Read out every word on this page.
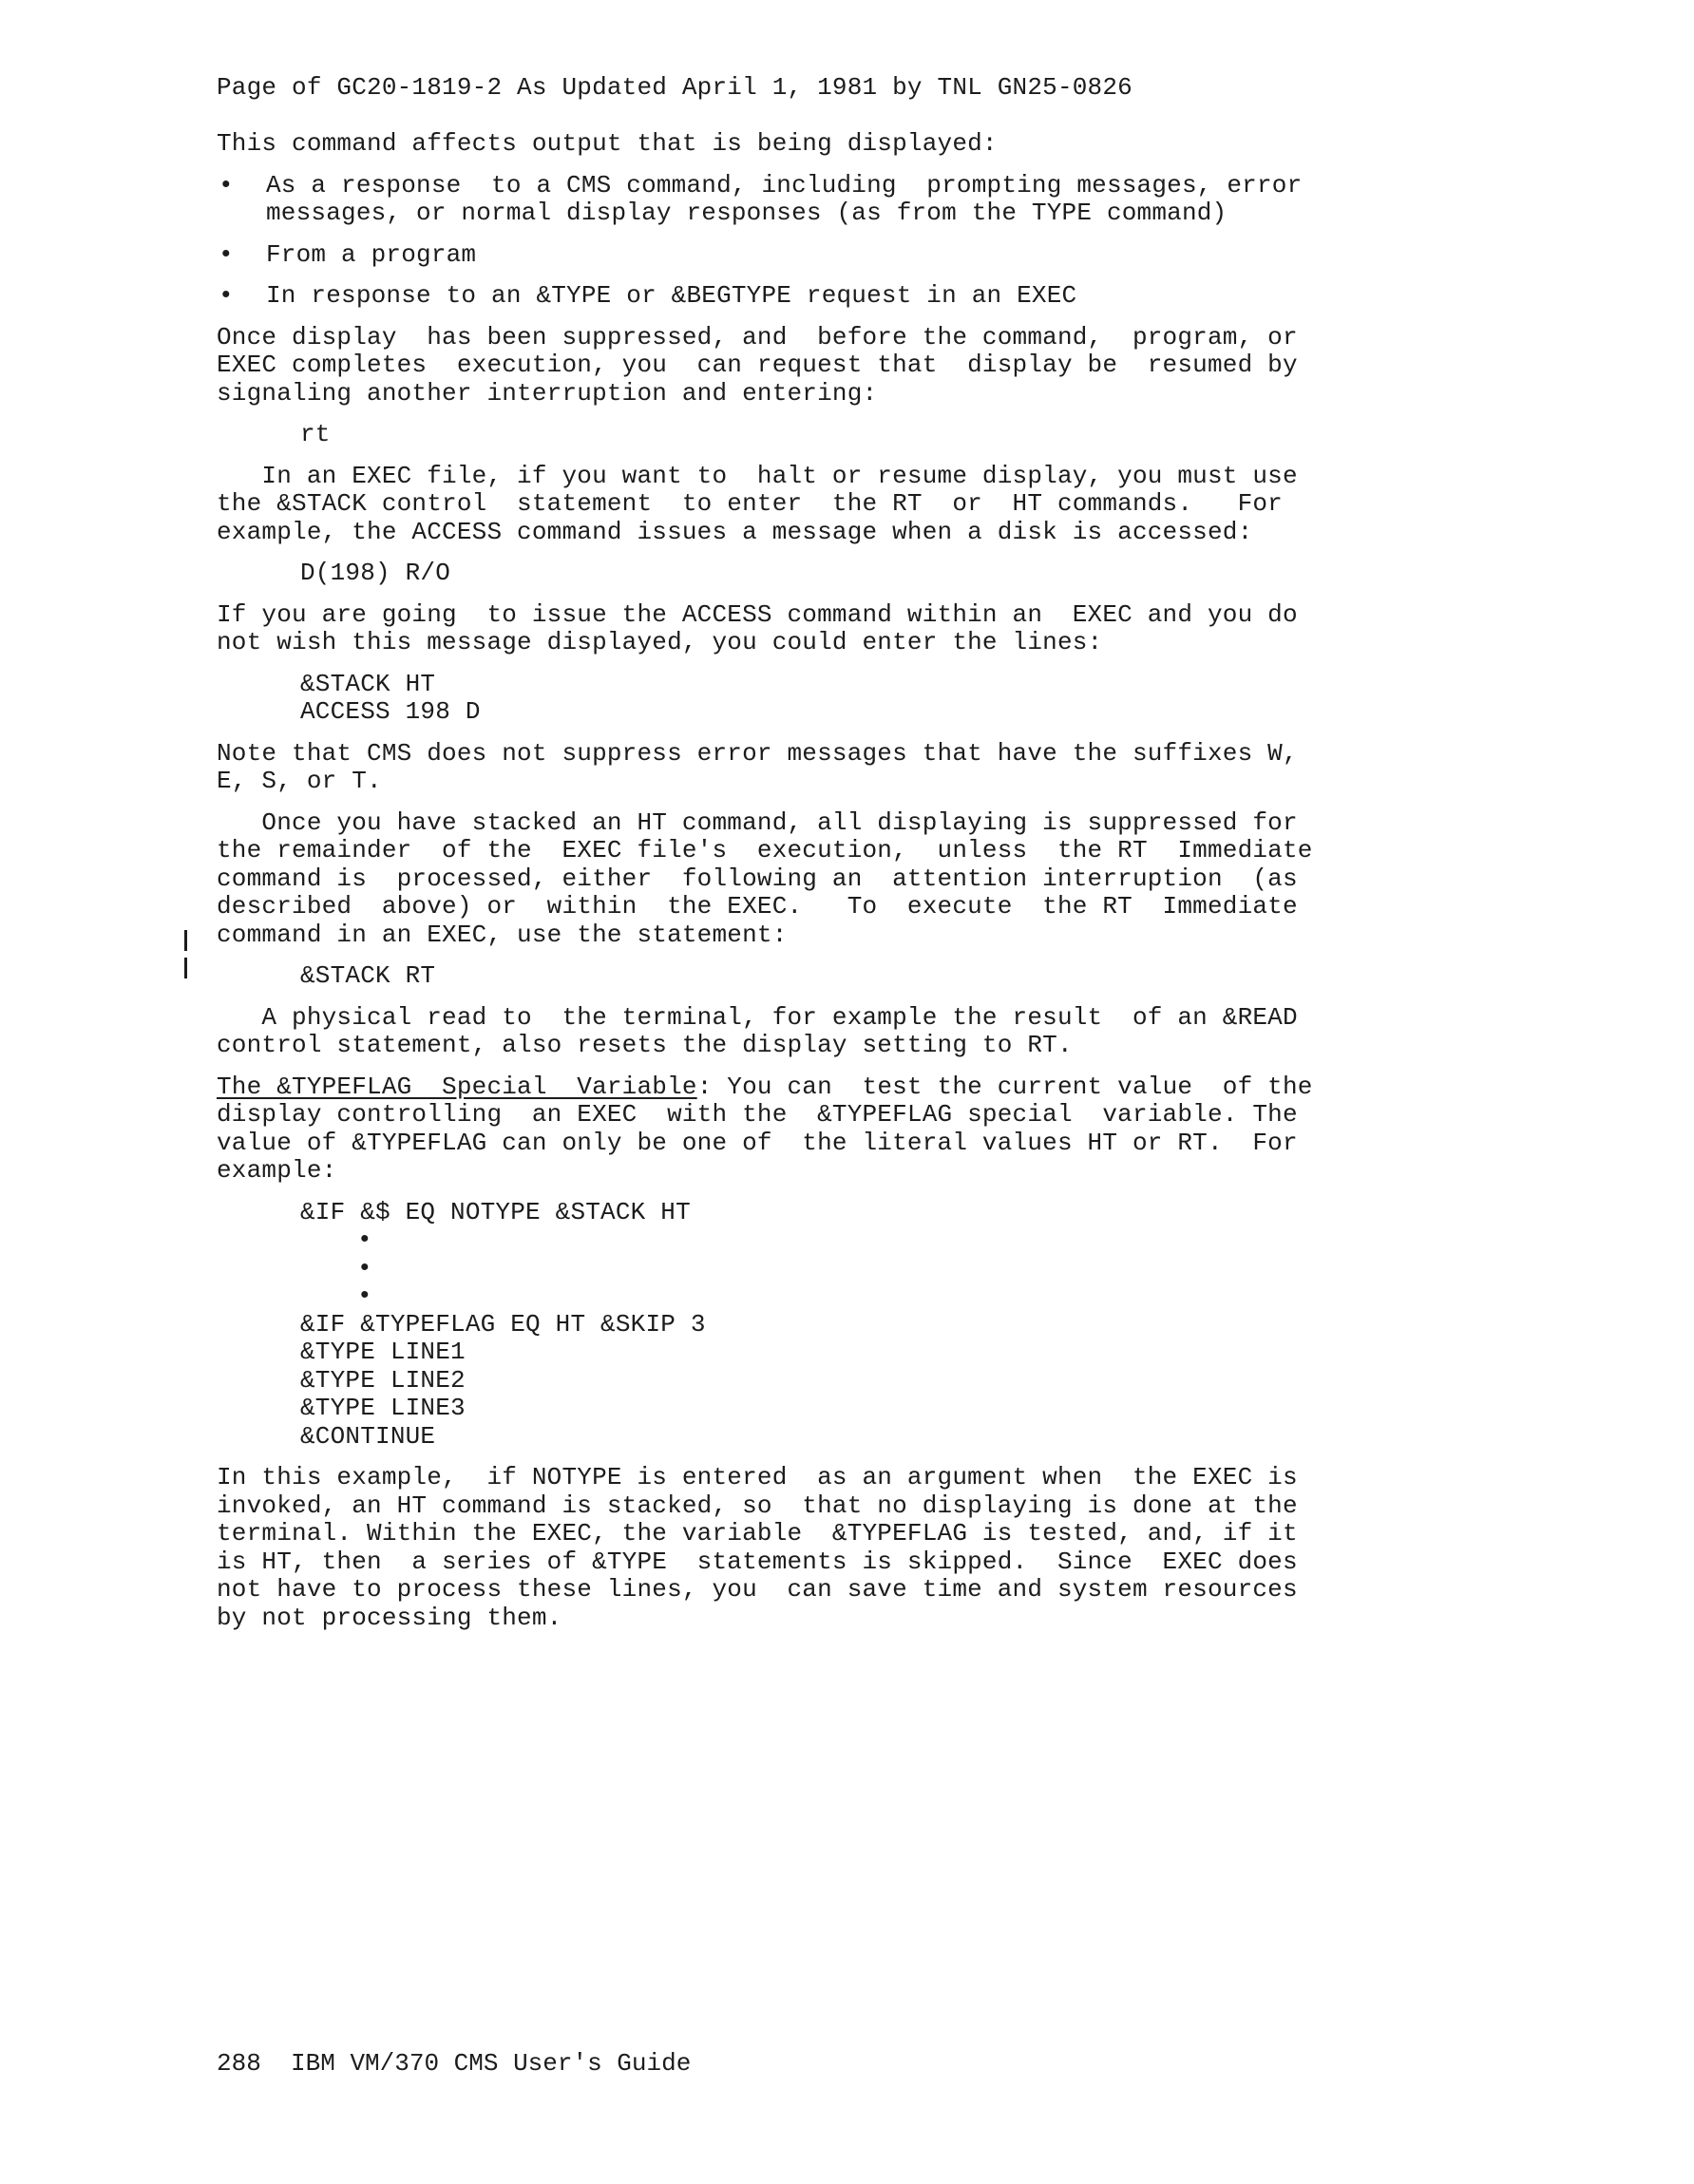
Page of GC20-1819-2 As Updated April 1, 1981 by TNL GN25-0826

This command affects output that is being displayed:

•	As a response  to a CMS command, including  prompting messages, error
messages, or normal display responses (as from the TYPE command)
•	From a program
•	In response to an &TYPE or &BEGTYPE request in an EXEC

Once display  has been suppressed, and  before the command,  program, or
EXEC completes  execution, you  can request that  display be  resumed by
signaling another interruption and entering:

rt

In an EXEC file, if you want to  halt or resume display, you must use
the &STACK control  statement  to enter  the RT  or  HT commands.   For
example, the ACCESS command issues a message when a disk is accessed:

D(198) R/O

If you are going  to issue the ACCESS command within an  EXEC and you do
not wish this message displayed, you could enter the lines:

&STACK HT
ACCESS 198 D

Note that CMS does not suppress error messages that have the suffixes W,
E, S, or T.

Once you have stacked an HT command, all displaying is suppressed for
the remainder  of the  EXEC file's  execution,  unless  the RT  Immediate
command is  processed, either  following an  attention interruption  (as
described  above) or  within  the EXEC.   To  execute  the RT  Immediate
command in an EXEC, use the statement:

&STACK RT

A physical read to  the terminal, for example the result  of an &READ
control statement, also resets the display setting to RT.

The &TYPEFLAG  Special  Variable: You can  test the current value  of the
display controlling  an EXEC  with the  &TYPEFLAG special  variable. The
value of &TYPEFLAG can only be one of  the literal values HT or RT.  For
example:

&IF &$ EQ NOTYPE &STACK HT

•
•
•

&IF &TYPEFLAG EQ HT &SKIP 3
&TYPE LINE1
&TYPE LINE2
&TYPE LINE3
&CONTINUE

In this example,  if NOTYPE is entered  as an argument when  the EXEC is
invoked, an HT command is stacked, so  that no displaying is done at the
terminal. Within the EXEC, the variable  &TYPEFLAG is tested, and, if it
is HT, then  a series of &TYPE  statements is skipped.  Since  EXEC does
not have to process these lines, you  can save time and system resources
by not processing them.

288 IBM VM/370 CMS User's Guide
